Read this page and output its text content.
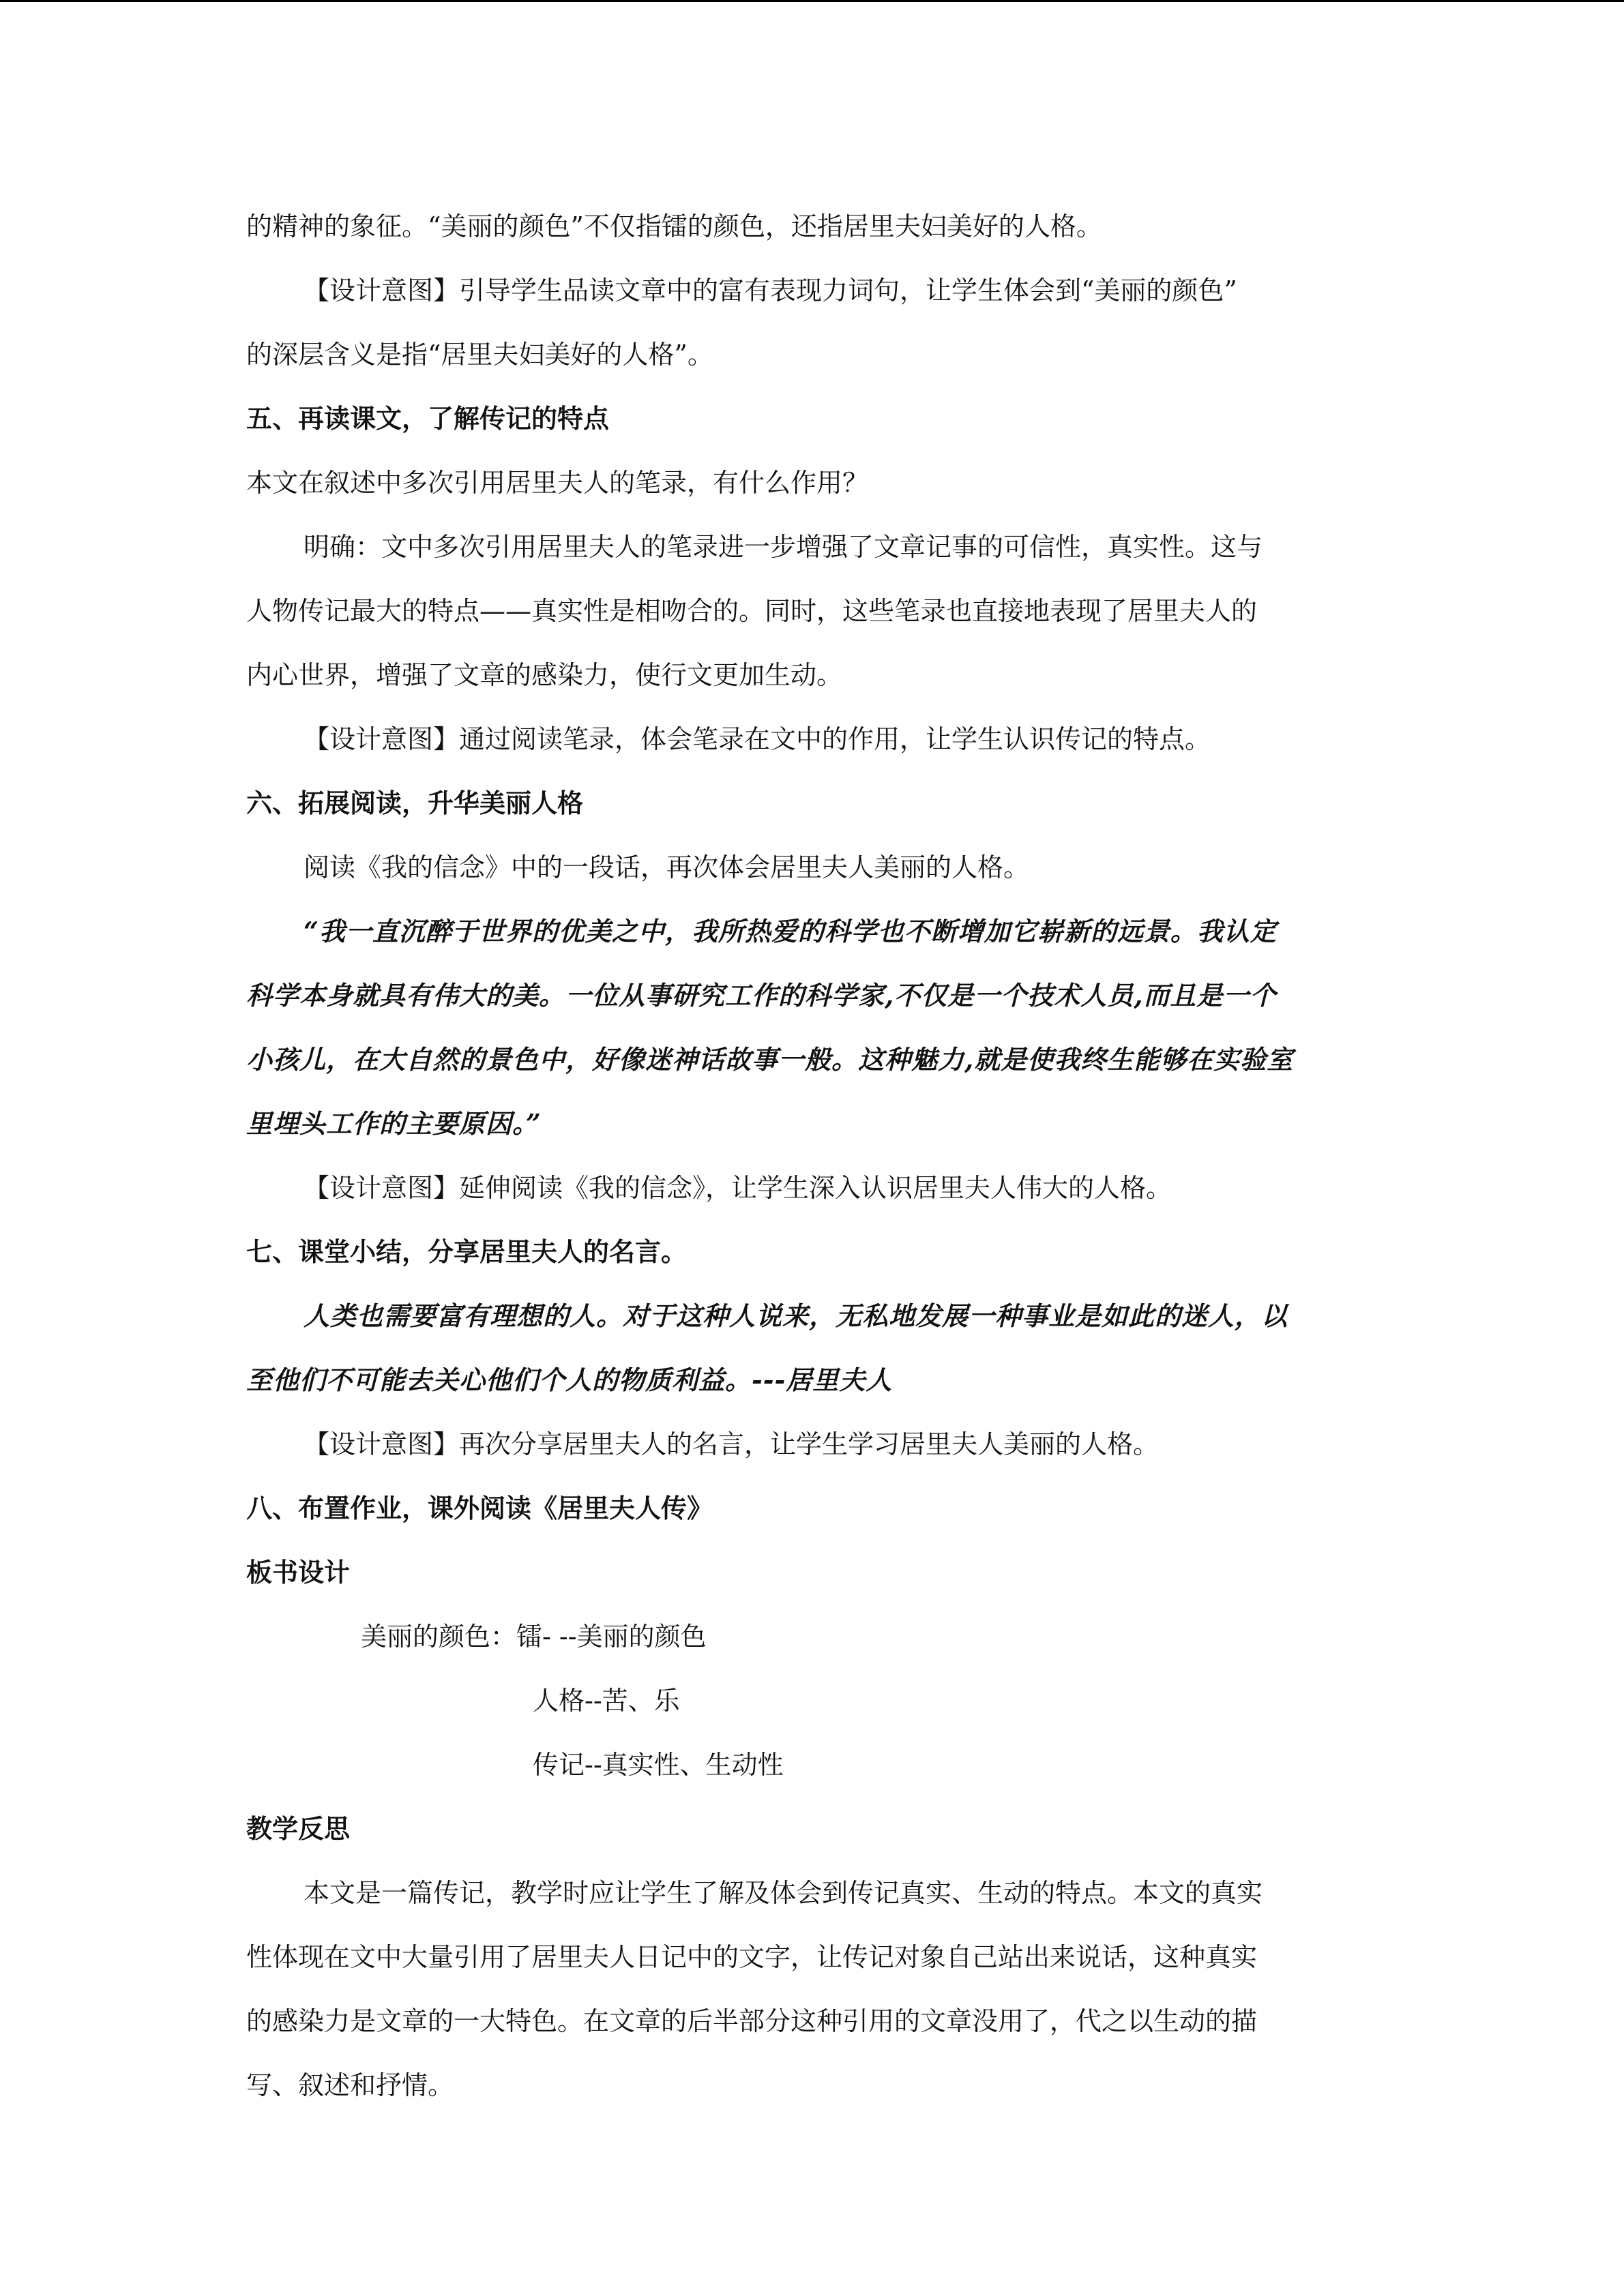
的精神的象征。“美丽的颜色”不仅指镭的颜色，还指居里夫妇美好的人格。
【设计意图】引导学生品读文章中的富有表现力词句，让学生体会到“美丽的颜色”
的深层含义是指“居里夫妇美好的人格”。
五、再读课文，了解传记的特点
本文在叙述中多次引用居里夫人的笔录，有什么作用？
明确：文中多次引用居里夫人的笔录进一步增强了文章记事的可信性，真实性。这与
人物传记最大的特点——真实性是相吻合的。同时，这些笔录也直接地表现了居里夫人的
内心世界，增强了文章的感染力，使行文更加生动。
【设计意图】通过阅读笔录，体会笔录在文中的作用，让学生认识传记的特点。
六、拓展阅读，升华美丽人格
阅读《我的信念》中的一段话，再次体会居里夫人美丽的人格。
“我一直沉醉于世界的优美之中，我所热爱的科学也不断增加它崭新的远景。我认定
科学本身就具有伟大的美。一位从事研究工作的科学家,不仅是一个技术人员,而且是一个
小孩儿，在大自然的景色中，好像迷神话故事一般。这种魅力,就是使我终生能够在实验室
里埋头工作的主要原因。”
【设计意图】延伸阅读《我的信念》，让学生深入认识居里夫人伟大的人格。
七、课堂小结，分享居里夫人的名言。
人类也需要富有理想的人。对于这种人说来，无私地发展一种事业是如此的迷人，以
至他们不可能去关心他们个人的物质利益。---居里夫人
【设计意图】再次分享居里夫人的名言，让学生学习居里夫人美丽的人格。
八、布置作业，课外阅读《居里夫人传》
板书设计
美丽的颜色：镭- --美丽的颜色
人格--苦、乐
传记--真实性、生动性
教学反思
本文是一篇传记，教学时应让学生了解及体会到传记真实、生动的特点。本文的真实
性体现在文中大量引用了居里夫人日记中的文字，让传记对象自己站出来说话，这种真实
的感染力是文章的一大特色。在文章的后半部分这种引用的文章没用了，代之以生动的描
写、叙述和抒情。
